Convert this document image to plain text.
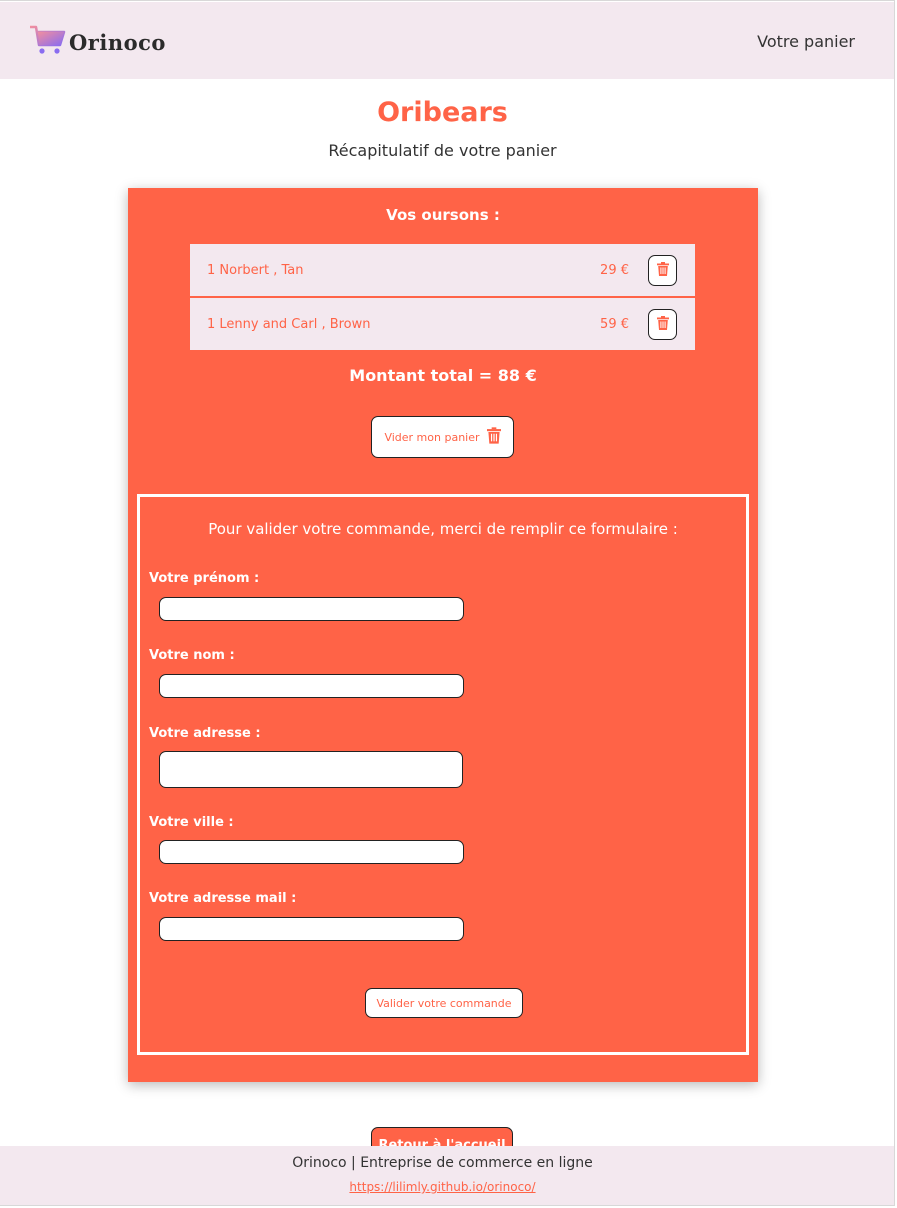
Orinoco	Votre panier
Oribears

Récapitulatif de votre panier

Vos oursons :
1 Norbert , Tan	29 €
1 Lenny and Carl , Brown	59 €
Montant total = 88 €
Vider mon panier

Pour valider votre commande, merci de remplir ce formulaire :

Votre prénom :
Votre nom :
Votre adresse :
Votre ville :
Votre adresse mail :
Valider votre commande

Orinoco | Entreprise de commerce en ligne

https://lilimly.github.io/orinoco/
